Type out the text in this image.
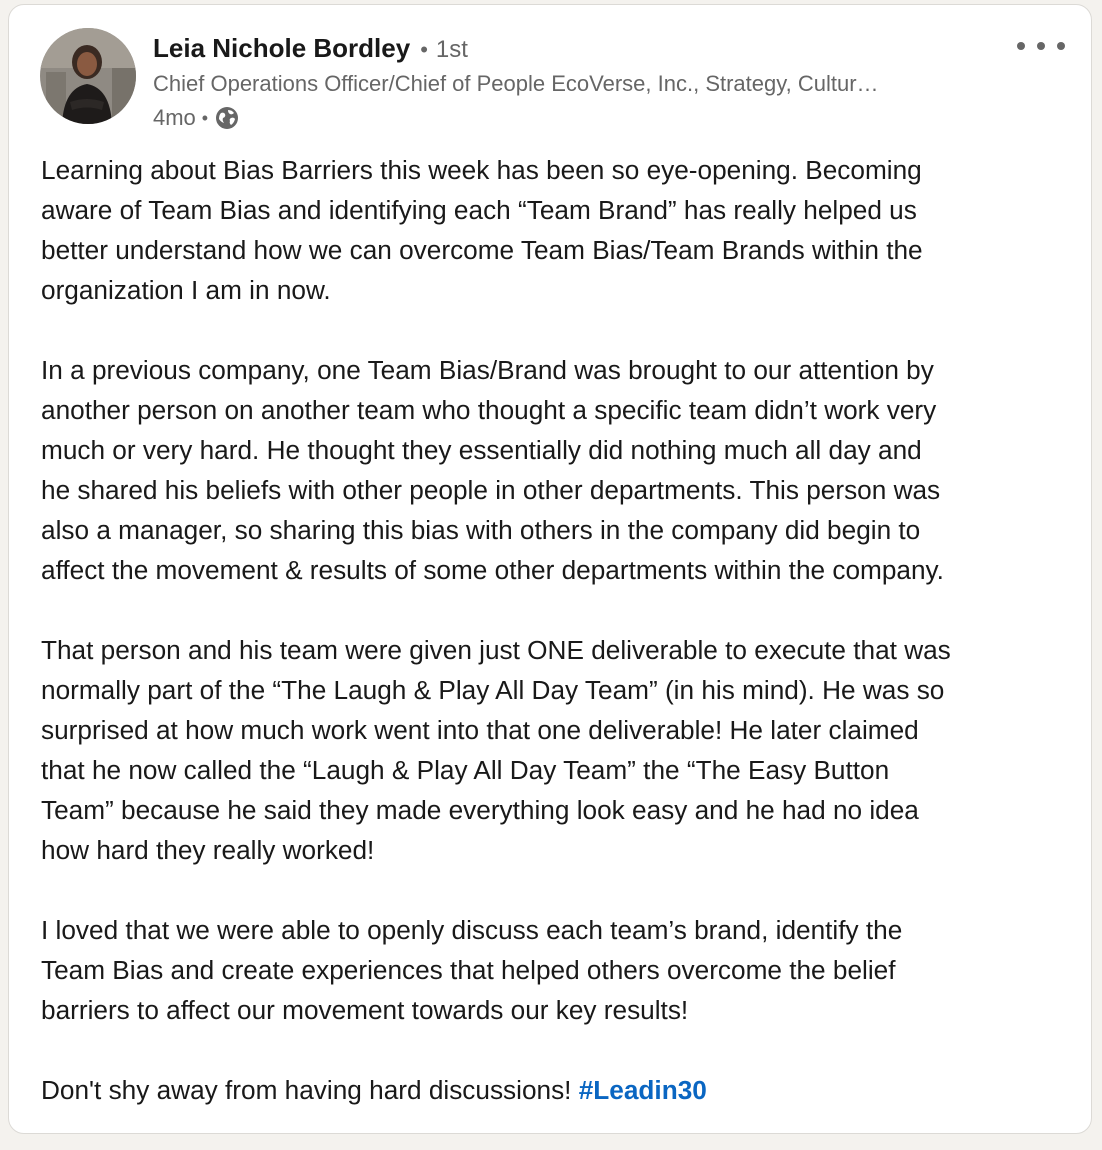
Leia Nichole Bordley • 1st
Chief Operations Officer/Chief of People EcoVerse, Inc., Strategy, Cultur…
4mo •
Learning about Bias Barriers this week has been so eye-opening. Becoming
aware of Team Bias and identifying each “Team Brand” has really helped us
better understand how we can overcome Team Bias/Team Brands within the
organization I am in now.
In a previous company, one Team Bias/Brand was brought to our attention by
another person on another team who thought a specific team didn’t work very
much or very hard. He thought they essentially did nothing much all day and
he shared his beliefs with other people in other departments. This person was
also a manager, so sharing this bias with others in the company did begin to
affect the movement & results of some other departments within the company.
That person and his team were given just ONE deliverable to execute that was
normally part of the “The Laugh & Play All Day Team” (in his mind). He was so
surprised at how much work went into that one deliverable! He later claimed
that he now called the “Laugh & Play All Day Team” the “The Easy Button
Team” because he said they made everything look easy and he had no idea
how hard they really worked!
I loved that we were able to openly discuss each team’s brand, identify the
Team Bias and create experiences that helped others overcome the belief
barriers to affect our movement towards our key results!
Don't shy away from having hard discussions! #Leadin30
